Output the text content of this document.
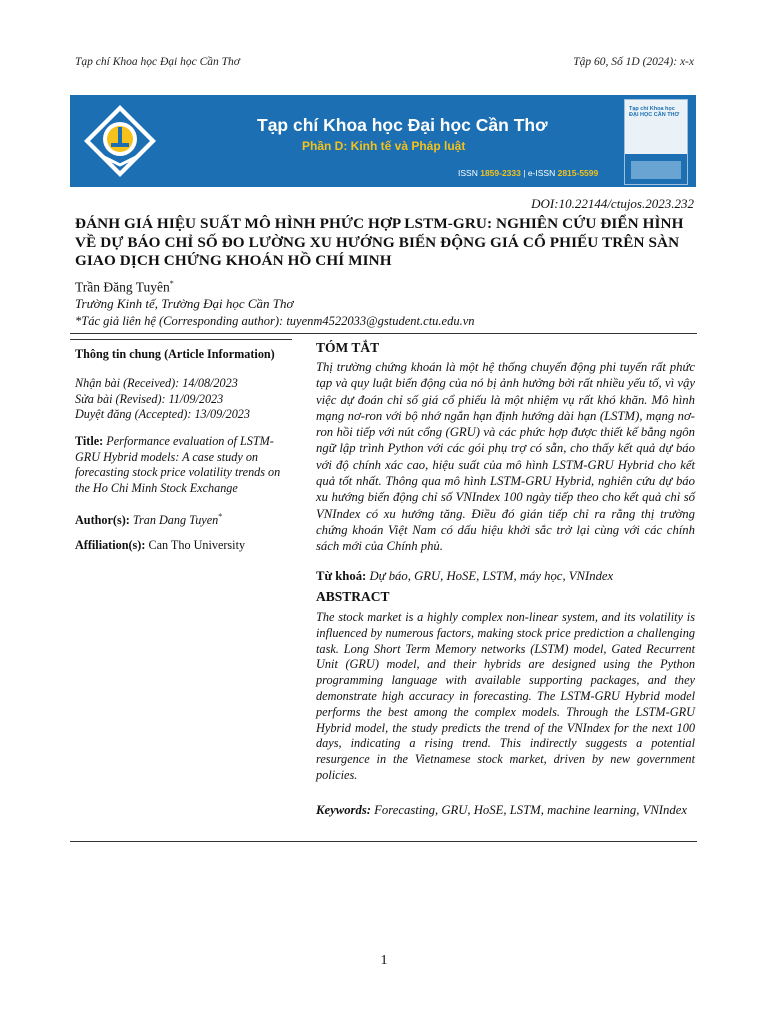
Tạp chí Khoa học Đại học Cần Thơ	Tập 60, Số 1D (2024): x-x
Tạp chí Khoa học Đại học Cần Thơ
Phần D: Kinh tế và Pháp luật
ISSN 1859-2333 | e-ISSN 2815-5599
Tạp chí Khoa học ĐẠI HỌC CẦN THƠ
DOI:10.22144/ctujos.2023.232
ĐÁNH GIÁ HIỆU SUẤT MÔ HÌNH PHỨC HỢP LSTM-GRU: NGHIÊN CỨU ĐIỂN HÌNH VỀ DỰ BÁO CHỈ SỐ ĐO LƯỜNG XU HƯỚNG BIẾN ĐỘNG GIÁ CỔ PHIẾU TRÊN SÀN GIAO DỊCH CHỨNG KHOÁN HỒ CHÍ MINH
Trần Đăng Tuyên*
Trường Kinh tế, Trường Đại học Cần Thơ
*Tác giả liên hệ (Corresponding author): tuyenm4522033@gstudent.ctu.edu.vn
Thông tin chung (Article Information)
Nhận bài (Received): 14/08/2023
Sửa bài (Revised): 11/09/2023
Duyệt đăng (Accepted): 13/09/2023
Title: Performance evaluation of LSTM-GRU Hybrid models: A case study on forecasting stock price volatility trends on the Ho Chi Minh Stock Exchange
Author(s): Tran Dang Tuyen*
Affiliation(s): Can Tho University
TÓM TẮT

Thị trường chứng khoán là một hệ thống chuyển động phi tuyến rất phức tạp và quy luật biến động của nó bị ảnh hưởng bởi rất nhiều yếu tố, vì vậy việc dự đoán chỉ số giá cổ phiếu là một nhiệm vụ rất khó khăn. Mô hình mạng nơ-ron với bộ nhớ ngắn hạn định hướng dài hạn (LSTM), mạng nơ-ron hồi tiếp với nút cổng (GRU) và các phức hợp được thiết kế bằng ngôn ngữ lập trình Python với các gói phụ trợ có sẵn, cho thấy kết quả dự báo với độ chính xác cao, hiệu suất của mô hình LSTM-GRU Hybrid cho kết quả tốt nhất. Thông qua mô hình LSTM-GRU Hybrid, nghiên cứu dự báo xu hướng biến động chỉ số VNIndex 100 ngày tiếp theo cho kết quả chỉ số VNIndex có xu hướng tăng. Điều đó gián tiếp chỉ ra rằng thị trường chứng khoán Việt Nam có dấu hiệu khởi sắc trở lại cùng với các chính sách mới của Chính phủ.

Từ khoá: Dự báo, GRU, HoSE, LSTM, máy học, VNIndex
ABSTRACT

The stock market is a highly complex non-linear system, and its volatility is influenced by numerous factors, making stock price prediction a challenging task. Long Short Term Memory networks (LSTM) model, Gated Recurrent Unit (GRU) model, and their hybrids are designed using the Python programming language with available supporting packages, and they demonstrate high accuracy in forecasting. The LSTM-GRU Hybrid model performs the best among the complex models. Through the LSTM-GRU Hybrid model, the study predicts the trend of the VNIndex for the next 100 days, indicating a rising trend. This indirectly suggests a potential resurgence in the Vietnamese stock market, driven by new government policies.

Keywords: Forecasting, GRU, HoSE, LSTM, machine learning, VNIndex
1
